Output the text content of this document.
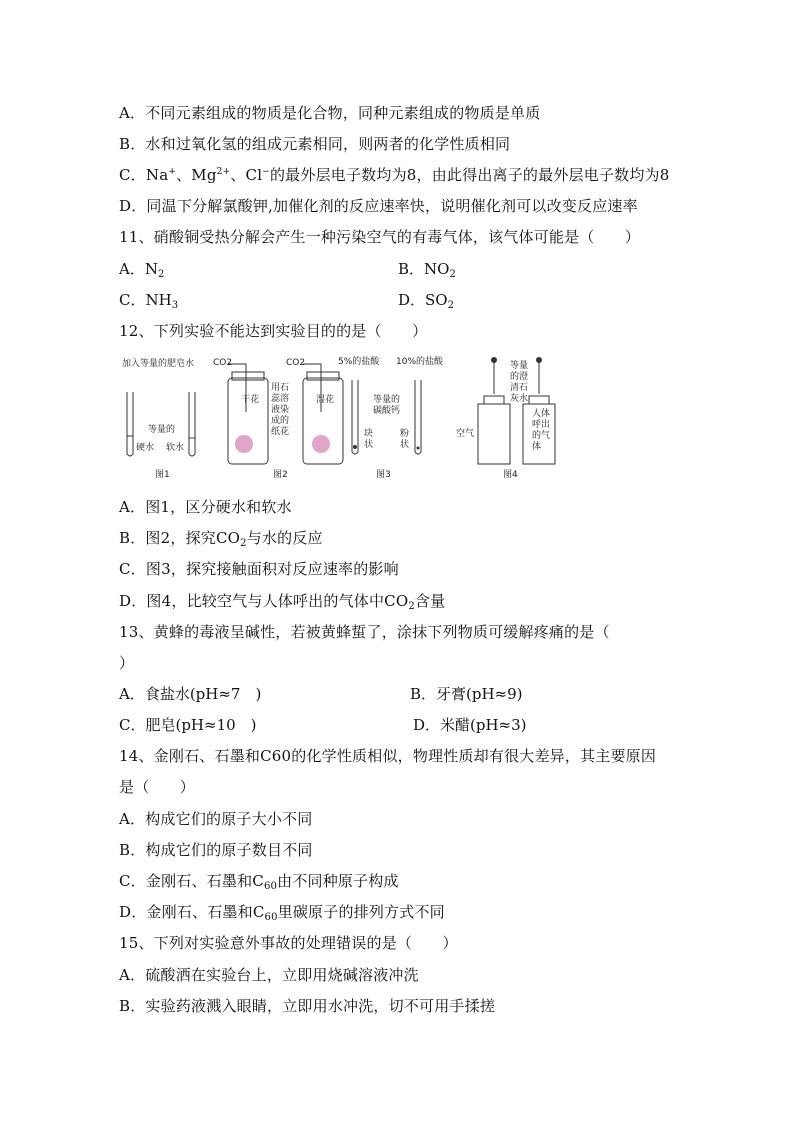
A．不同元素组成的物质是化合物，同种元素组成的物质是单质
B．水和过氧化氢的组成元素相同，则两者的化学性质相同
C．Na+、$Mg^{2+}$、Cl−的最外层电子数均为8，由此得出离子的最外层电子数均为8
D．同温下分解氯酸钾,加催化剂的反应速率快，说明催化剂可以改变反应速率
11、硝酸铜受热分解会产生一种污染空气的有毒气体，该气体可能是（　　）
A．$N_2$	B．$NO_2$
C．$NH_3$	D．$SO_2$
12、下列实验不能达到实验目的的是（　　）
加入等量的肥皂水
等量的
硬水 软水
图1
CO2	CO2
干花
用石
蕊溶
液染
成的
纸花
湿花
图2
5%的盐酸 10%的盐酸
等量的
碳酸钙
块
状
粉
状
图3
等量
的澄
清石
灰水
空气
人体
呼出
的气
体
图4
A．图1，区分硬水和软水
B．图2，探究$CO_2$与水的反应
C．图3，探究接触面积对反应速率的影响
D．图4，比较空气与人体呼出的气体中$CO_2$含量
13、黄蜂的毒液呈碱性，若被黄蜂蜇了，涂抹下列物质可缓解疼痛的是（
）
A．食盐水(pH≈7　)	B．牙膏(pH≈9)
C．肥皂(pH≈10　)	D．米醋(pH≈3)
14、金刚石、石墨和C60的化学性质相似，物理性质却有很大差异，其主要原因
是（　　）
A．构成它们的原子大小不同
B．构成它们的原子数目不同
C．金刚石、石墨和$C_{60}$由不同种原子构成
D．金刚石、石墨和$C_{60}$里碳原子的排列方式不同
15、下列对实验意外事故的处理错误的是（　　）
A．硫酸洒在实验台上，立即用烧碱溶液冲洗
B．实验药液溅入眼睛，立即用水冲洗，切不可用手揉搓
